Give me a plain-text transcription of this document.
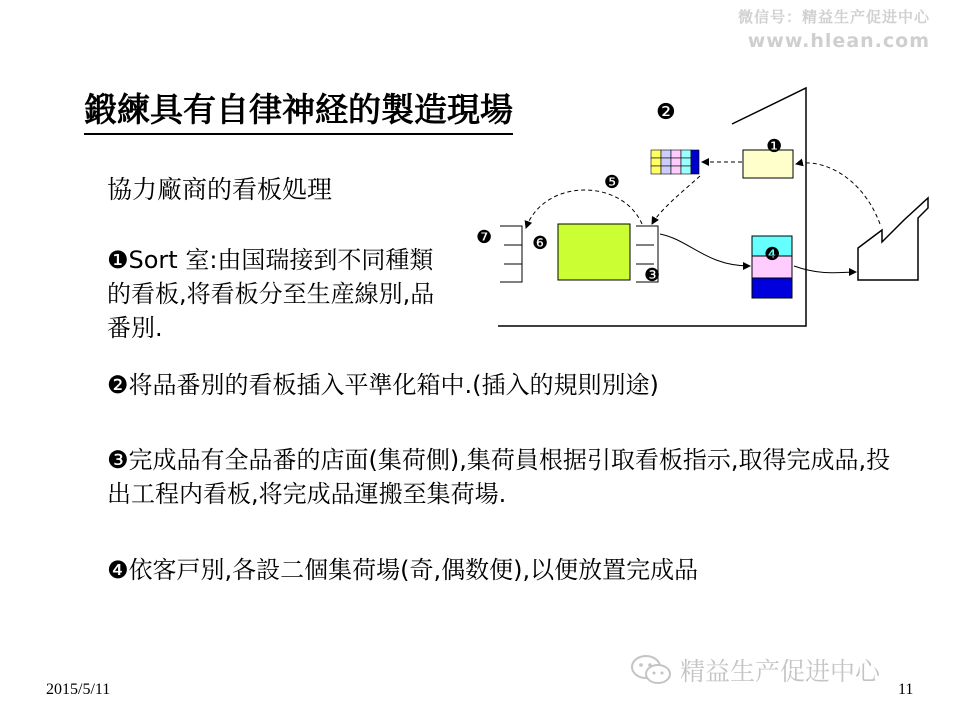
微信号：精益生产促进中心
www.hlean.com
鍛練具有自律神経的製造現場	❷
協力廠商的看板処理

❶Sort 室:由国瑞接到不同種類的看板,将看板分至生産線別,品番別.

❷将品番別的看板插入平準化箱中.(插入的規則別途)

❸完成品有全品番的店面(集荷側),集荷員根据引取看板指示,取得完成品,投出工程内看板,将完成品運搬至集荷場.

❹依客戸別,各設二個集荷場(奇,偶数便),以便放置完成品

❶
❺
❼ ❻
❸
❹
2015/5/11	11
精益生产促进中心
